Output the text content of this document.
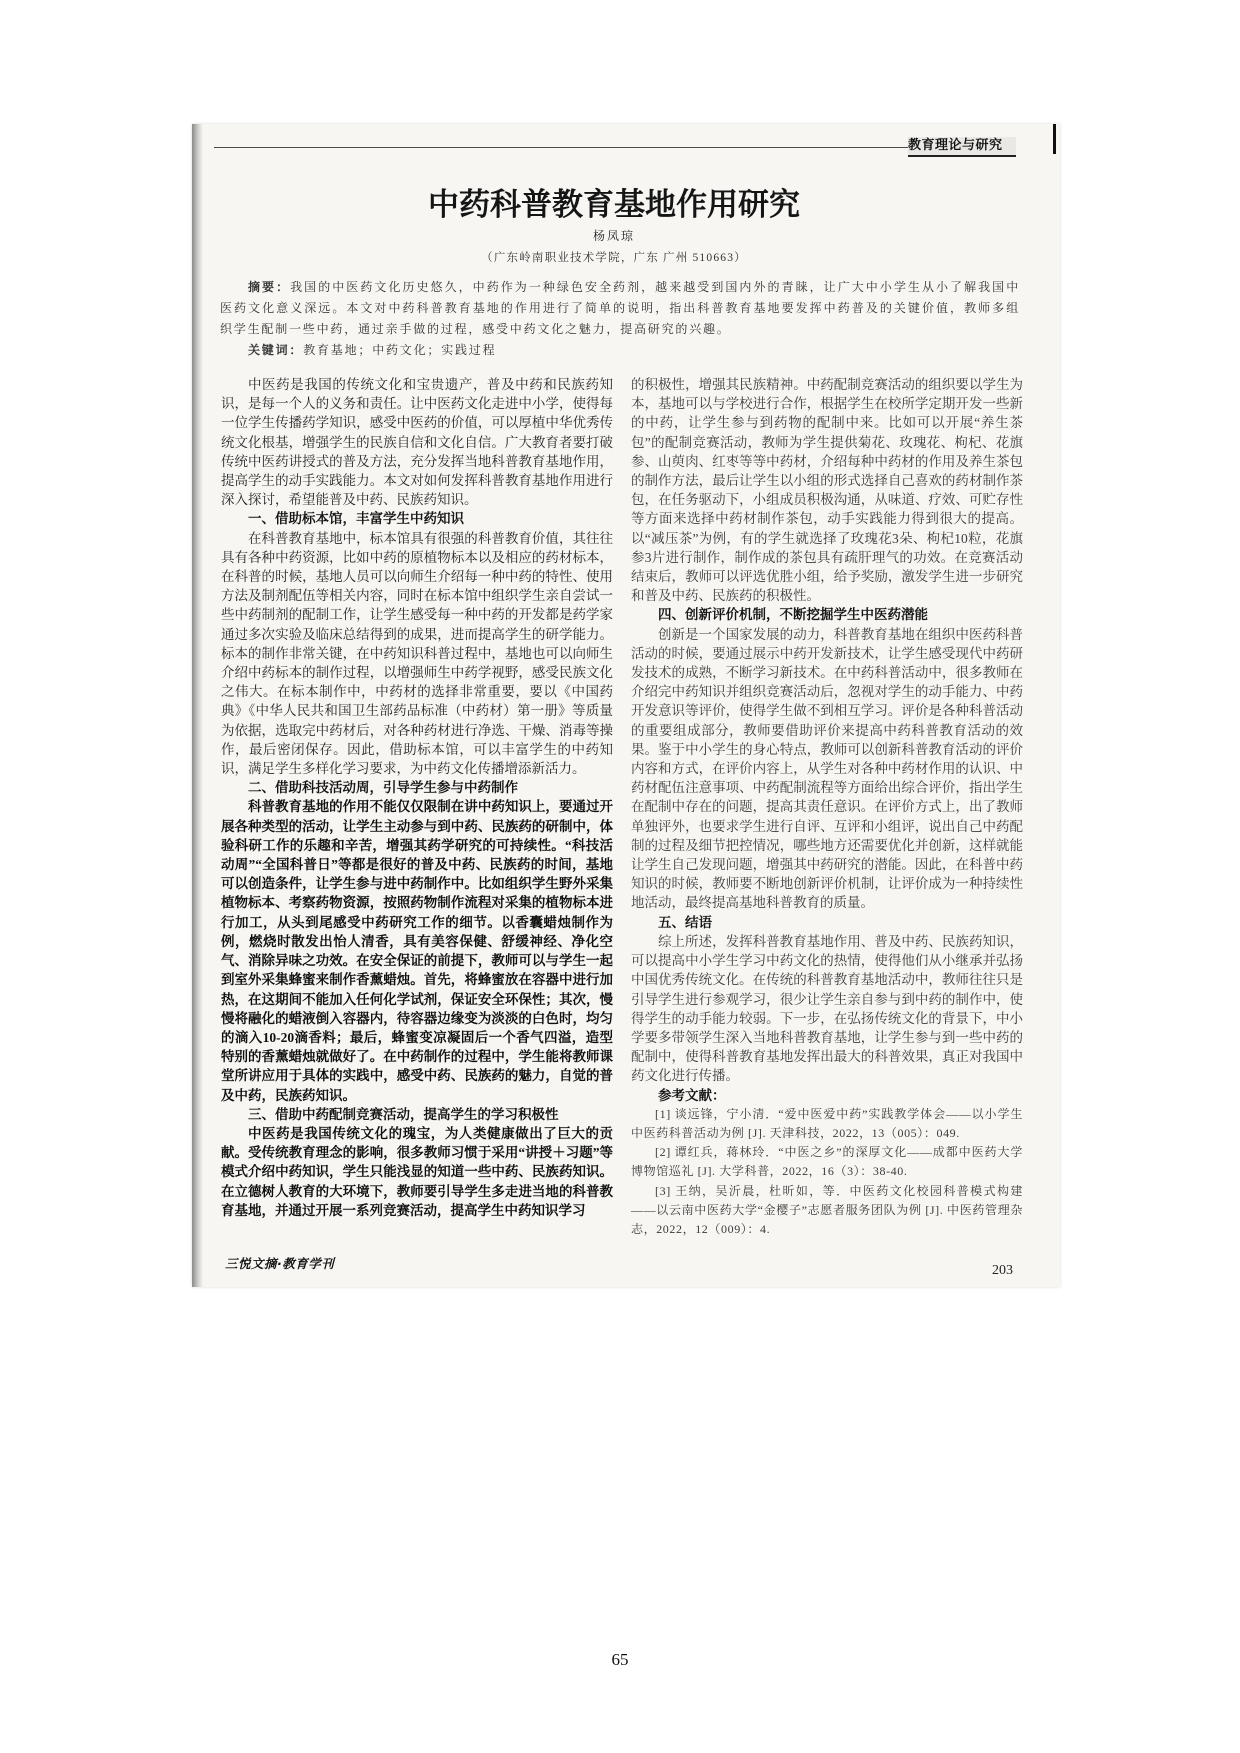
教育理论与研究
中药科普教育基地作用研究
杨凤琼
（广东岭南职业技术学院，广东 广州 510663）

摘要：我国的中医药文化历史悠久，中药作为一种绿色安全药剂，越来越受到国内外的青睐，让广大中小学生从小了解我国中医药文化意义深远。本文对中药科普教育基地的作用进行了简单的说明，指出科普教育基地要发挥中药普及的关键价值，教师多组织学生配制一些中药，通过亲手做的过程，感受中药文化之魅力，提高研究的兴趣。

关键词：教育基地；中药文化；实践过程

中医药是我国的传统文化和宝贵遗产，普及中药和民族药知识，是每一个人的义务和责任。让中医药文化走进中小学，使得每一位学生传播药学知识，感受中医药的价值，可以厚植中华优秀传统文化根基，增强学生的民族自信和文化自信。广大教育者要打破传统中医药讲授式的普及方法，充分发挥当地科普教育基地作用，提高学生的动手实践能力。本文对如何发挥科普教育基地作用进行深入探讨，希望能普及中药、民族药知识。

一、借助标本馆，丰富学生中药知识

在科普教育基地中，标本馆具有很强的科普教育价值，其往往具有各种中药资源，比如中药的原植物标本以及相应的药材标本，在科普的时候，基地人员可以向师生介绍每一种中药的特性、使用方法及制剂配伍等相关内容，同时在标本馆中组织学生亲自尝试一些中药制剂的配制工作，让学生感受每一种中药的开发都是药学家通过多次实验及临床总结得到的成果，进而提高学生的研学能力。标本的制作非常关键，在中药知识科普过程中，基地也可以向师生介绍中药标本的制作过程，以增强师生中药学视野，感受民族文化之伟大。在标本制作中，中药材的选择非常重要，要以《中国药典》《中华人民共和国卫生部药品标准（中药材）第一册》等质量为依据，选取完中药材后，对各种药材进行净选、干燥、消毒等操作，最后密闭保存。因此，借助标本馆，可以丰富学生的中药知识，满足学生多样化学习要求，为中药文化传播增添新活力。

二、借助科技活动周，引导学生参与中药制作

科普教育基地的作用不能仅仅限制在讲中药知识上，要通过开展各种类型的活动，让学生主动参与到中药、民族药的研制中，体验科研工作的乐趣和辛苦，增强其药学研究的可持续性。“科技活动周”“全国科普日”等都是很好的普及中药、民族药的时间，基地可以创造条件，让学生参与进中药制作中。比如组织学生野外采集植物标本、考察药物资源，按照药物制作流程对采集的植物标本进行加工，从头到尾感受中药研究工作的细节。以香囊蜡烛制作为例，燃烧时散发出怡人清香，具有美容保健、舒缓神经、净化空气、消除异味之功效。在安全保证的前提下，教师可以与学生一起到室外采集蜂蜜来制作香薰蜡烛。首先，将蜂蜜放在容器中进行加热，在这期间不能加入任何化学试剂，保证安全环保性；其次，慢慢将融化的蜡液倒入容器内，待容器边缘变为淡淡的白色时，均匀的滴入10-20滴香料；最后，蜂蜜变凉凝固后一个香气四溢，造型特别的香薰蜡烛就做好了。在中药制作的过程中，学生能将教师课堂所讲应用于具体的实践中，感受中药、民族药的魅力，自觉的普及中药，民族药知识。

三、借助中药配制竞赛活动，提高学生的学习积极性

中医药是我国传统文化的瑰宝，为人类健康做出了巨大的贡献。受传统教育理念的影响，很多教师习惯于采用“讲授＋习题”等模式介绍中药知识，学生只能浅显的知道一些中药、民族药知识。在立德树人教育的大环境下，教师要引导学生多走进当地的科普教育基地，并通过开展一系列竞赛活动，提高学生中药知识学习

的积极性，增强其民族精神。中药配制竞赛活动的组织要以学生为本，基地可以与学校进行合作，根据学生在校所学定期开发一些新的中药，让学生参与到药物的配制中来。比如可以开展“养生茶包”的配制竞赛活动，教师为学生提供菊花、玫瑰花、枸杞、花旗参、山萸肉、红枣等等中药材，介绍每种中药材的作用及养生茶包的制作方法，最后让学生以小组的形式选择自己喜欢的药材制作茶包，在任务驱动下，小组成员积极沟通，从味道、疗效、可贮存性等方面来选择中药材制作茶包，动手实践能力得到很大的提高。以“减压茶”为例，有的学生就选择了玫瑰花3朵、枸杞10粒，花旗参3片进行制作，制作成的茶包具有疏肝理气的功效。在竞赛活动结束后，教师可以评选优胜小组，给予奖励，激发学生进一步研究和普及中药、民族药的积极性。

四、创新评价机制，不断挖掘学生中医药潜能

创新是一个国家发展的动力，科普教育基地在组织中医药科普活动的时候，要通过展示中药开发新技术，让学生感受现代中药研发技术的成熟，不断学习新技术。在中药科普活动中，很多教师在介绍完中药知识并组织竞赛活动后，忽视对学生的动手能力、中药开发意识等评价，使得学生做不到相互学习。评价是各种科普活动的重要组成部分，教师要借助评价来提高中药科普教育活动的效果。鉴于中小学生的身心特点，教师可以创新科普教育活动的评价内容和方式，在评价内容上，从学生对各种中药材作用的认识、中药材配伍注意事项、中药配制流程等方面给出综合评价，指出学生在配制中存在的问题，提高其责任意识。在评价方式上，出了教师单独评外，也要求学生进行自评、互评和小组评，说出自己中药配制的过程及细节把控情况，哪些地方还需要优化并创新，这样就能让学生自己发现问题，增强其中药研究的潜能。因此，在科普中药知识的时候，教师要不断地创新评价机制，让评价成为一种持续性地活动，最终提高基地科普教育的质量。

五、结语

综上所述，发挥科普教育基地作用、普及中药、民族药知识，可以提高中小学生学习中药文化的热情，使得他们从小继承并弘扬中国优秀传统文化。在传统的科普教育基地活动中，教师往往只是引导学生进行参观学习，很少让学生亲自参与到中药的制作中，使得学生的动手能力较弱。下一步，在弘扬传统文化的背景下，中小学要多带领学生深入当地科普教育基地，让学生参与到一些中药的配制中，使得科普教育基地发挥出最大的科普效果，真正对我国中药文化进行传播。

参考文献：

[1] 谈远锋，宁小清．“爱中医爱中药”实践教学体会——以小学生中医药科普活动为例 [J]. 天津科技，2022，13（005）：049.

[2] 谭红兵，蒋林玲．“中医之乡”的深厚文化——成都中医药大学博物馆巡礼 [J]. 大学科普，2022，16（3）：38-40.

[3] 王纳，吴沂晨，杜昕如，等．中医药文化校园科普模式构建——以云南中医药大学“金樱子”志愿者服务团队为例 [J]. 中医药管理杂志，2022，12（009）：4.

三悦文摘·教育学刊	203
65
